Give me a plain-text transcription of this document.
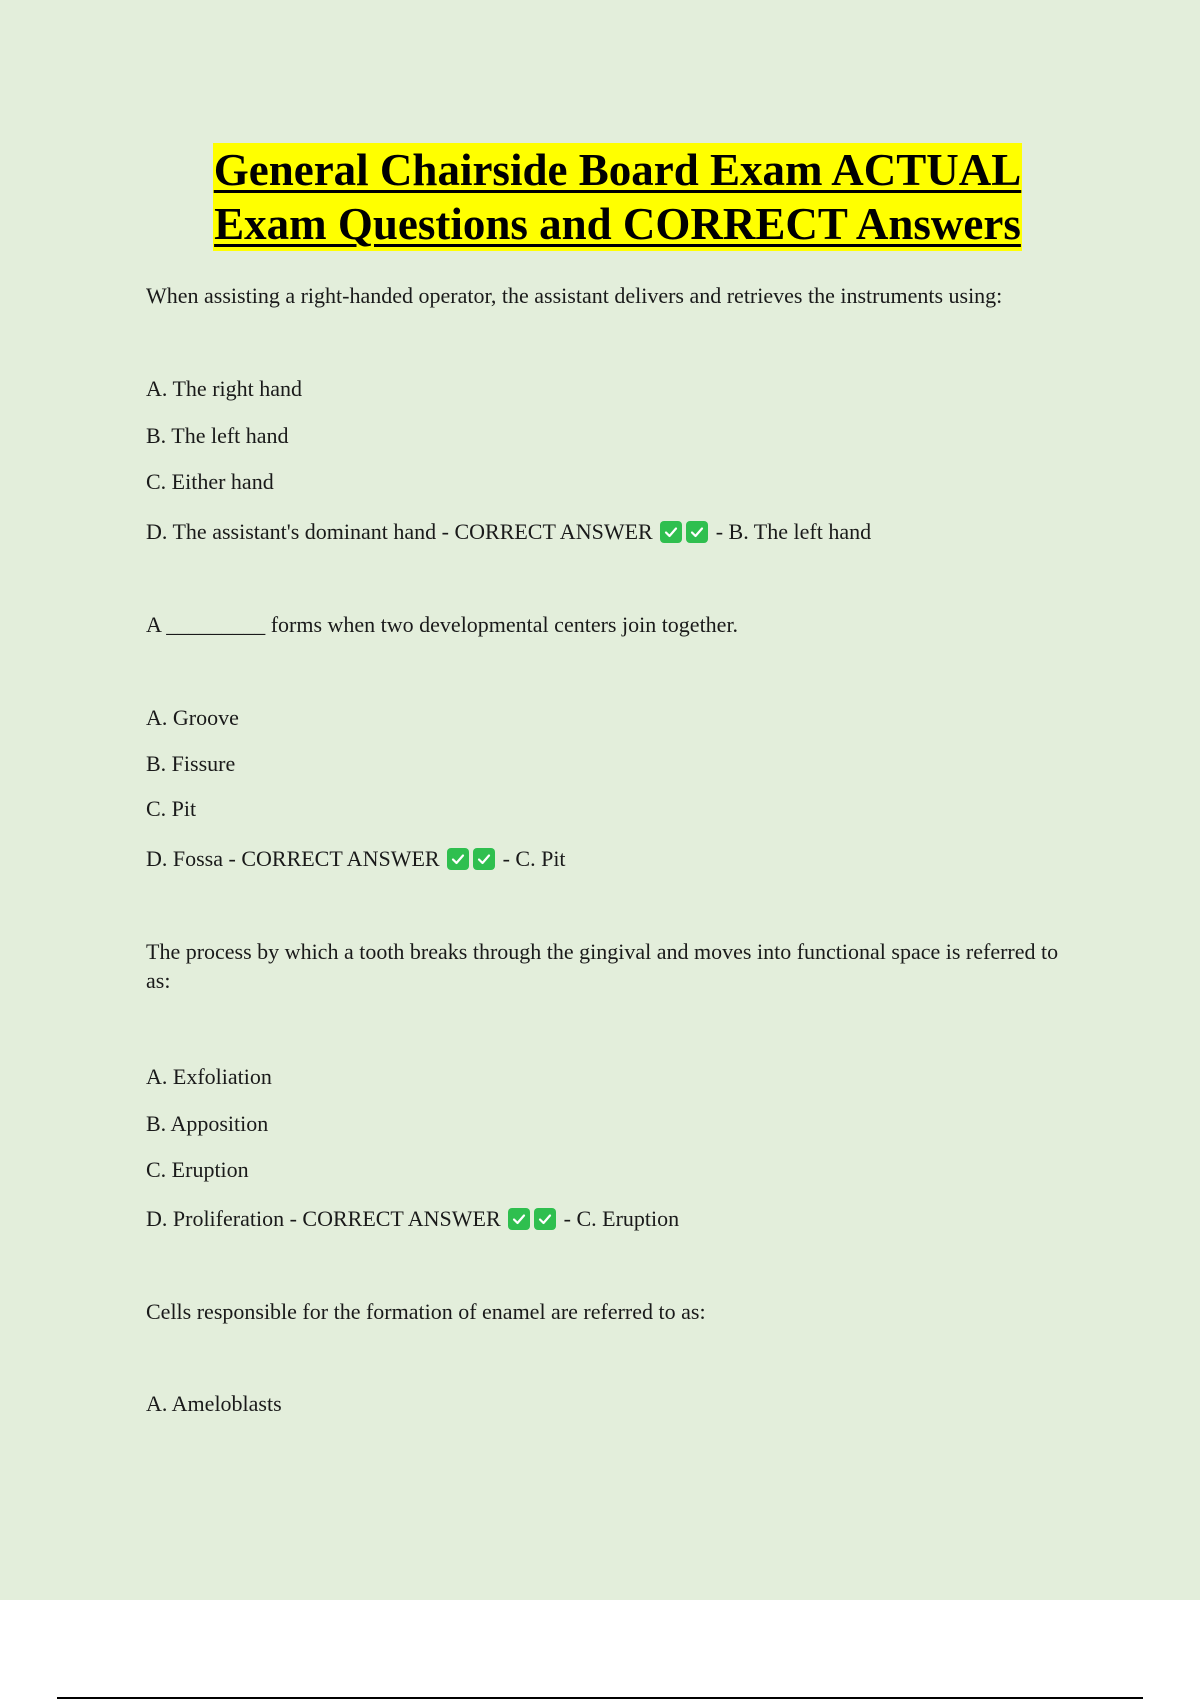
General Chairside Board Exam ACTUAL
Exam Questions and CORRECT Answers
When assisting a right-handed operator, the assistant delivers and retrieves the instruments using:
A. The right hand
B. The left hand
C. Either hand
D. The assistant's dominant hand - CORRECT ANSWER	- B. The left hand
A _________ forms when two developmental centers join together.
A. Groove
B. Fissure
C. Pit
D. Fossa - CORRECT ANSWER	- C. Pit
The process by which a tooth breaks through the gingival and moves into functional space is referred to as:
A. Exfoliation
B. Apposition
C. Eruption
D. Proliferation - CORRECT ANSWER	- C. Eruption
Cells responsible for the formation of enamel are referred to as:
A. Ameloblasts
